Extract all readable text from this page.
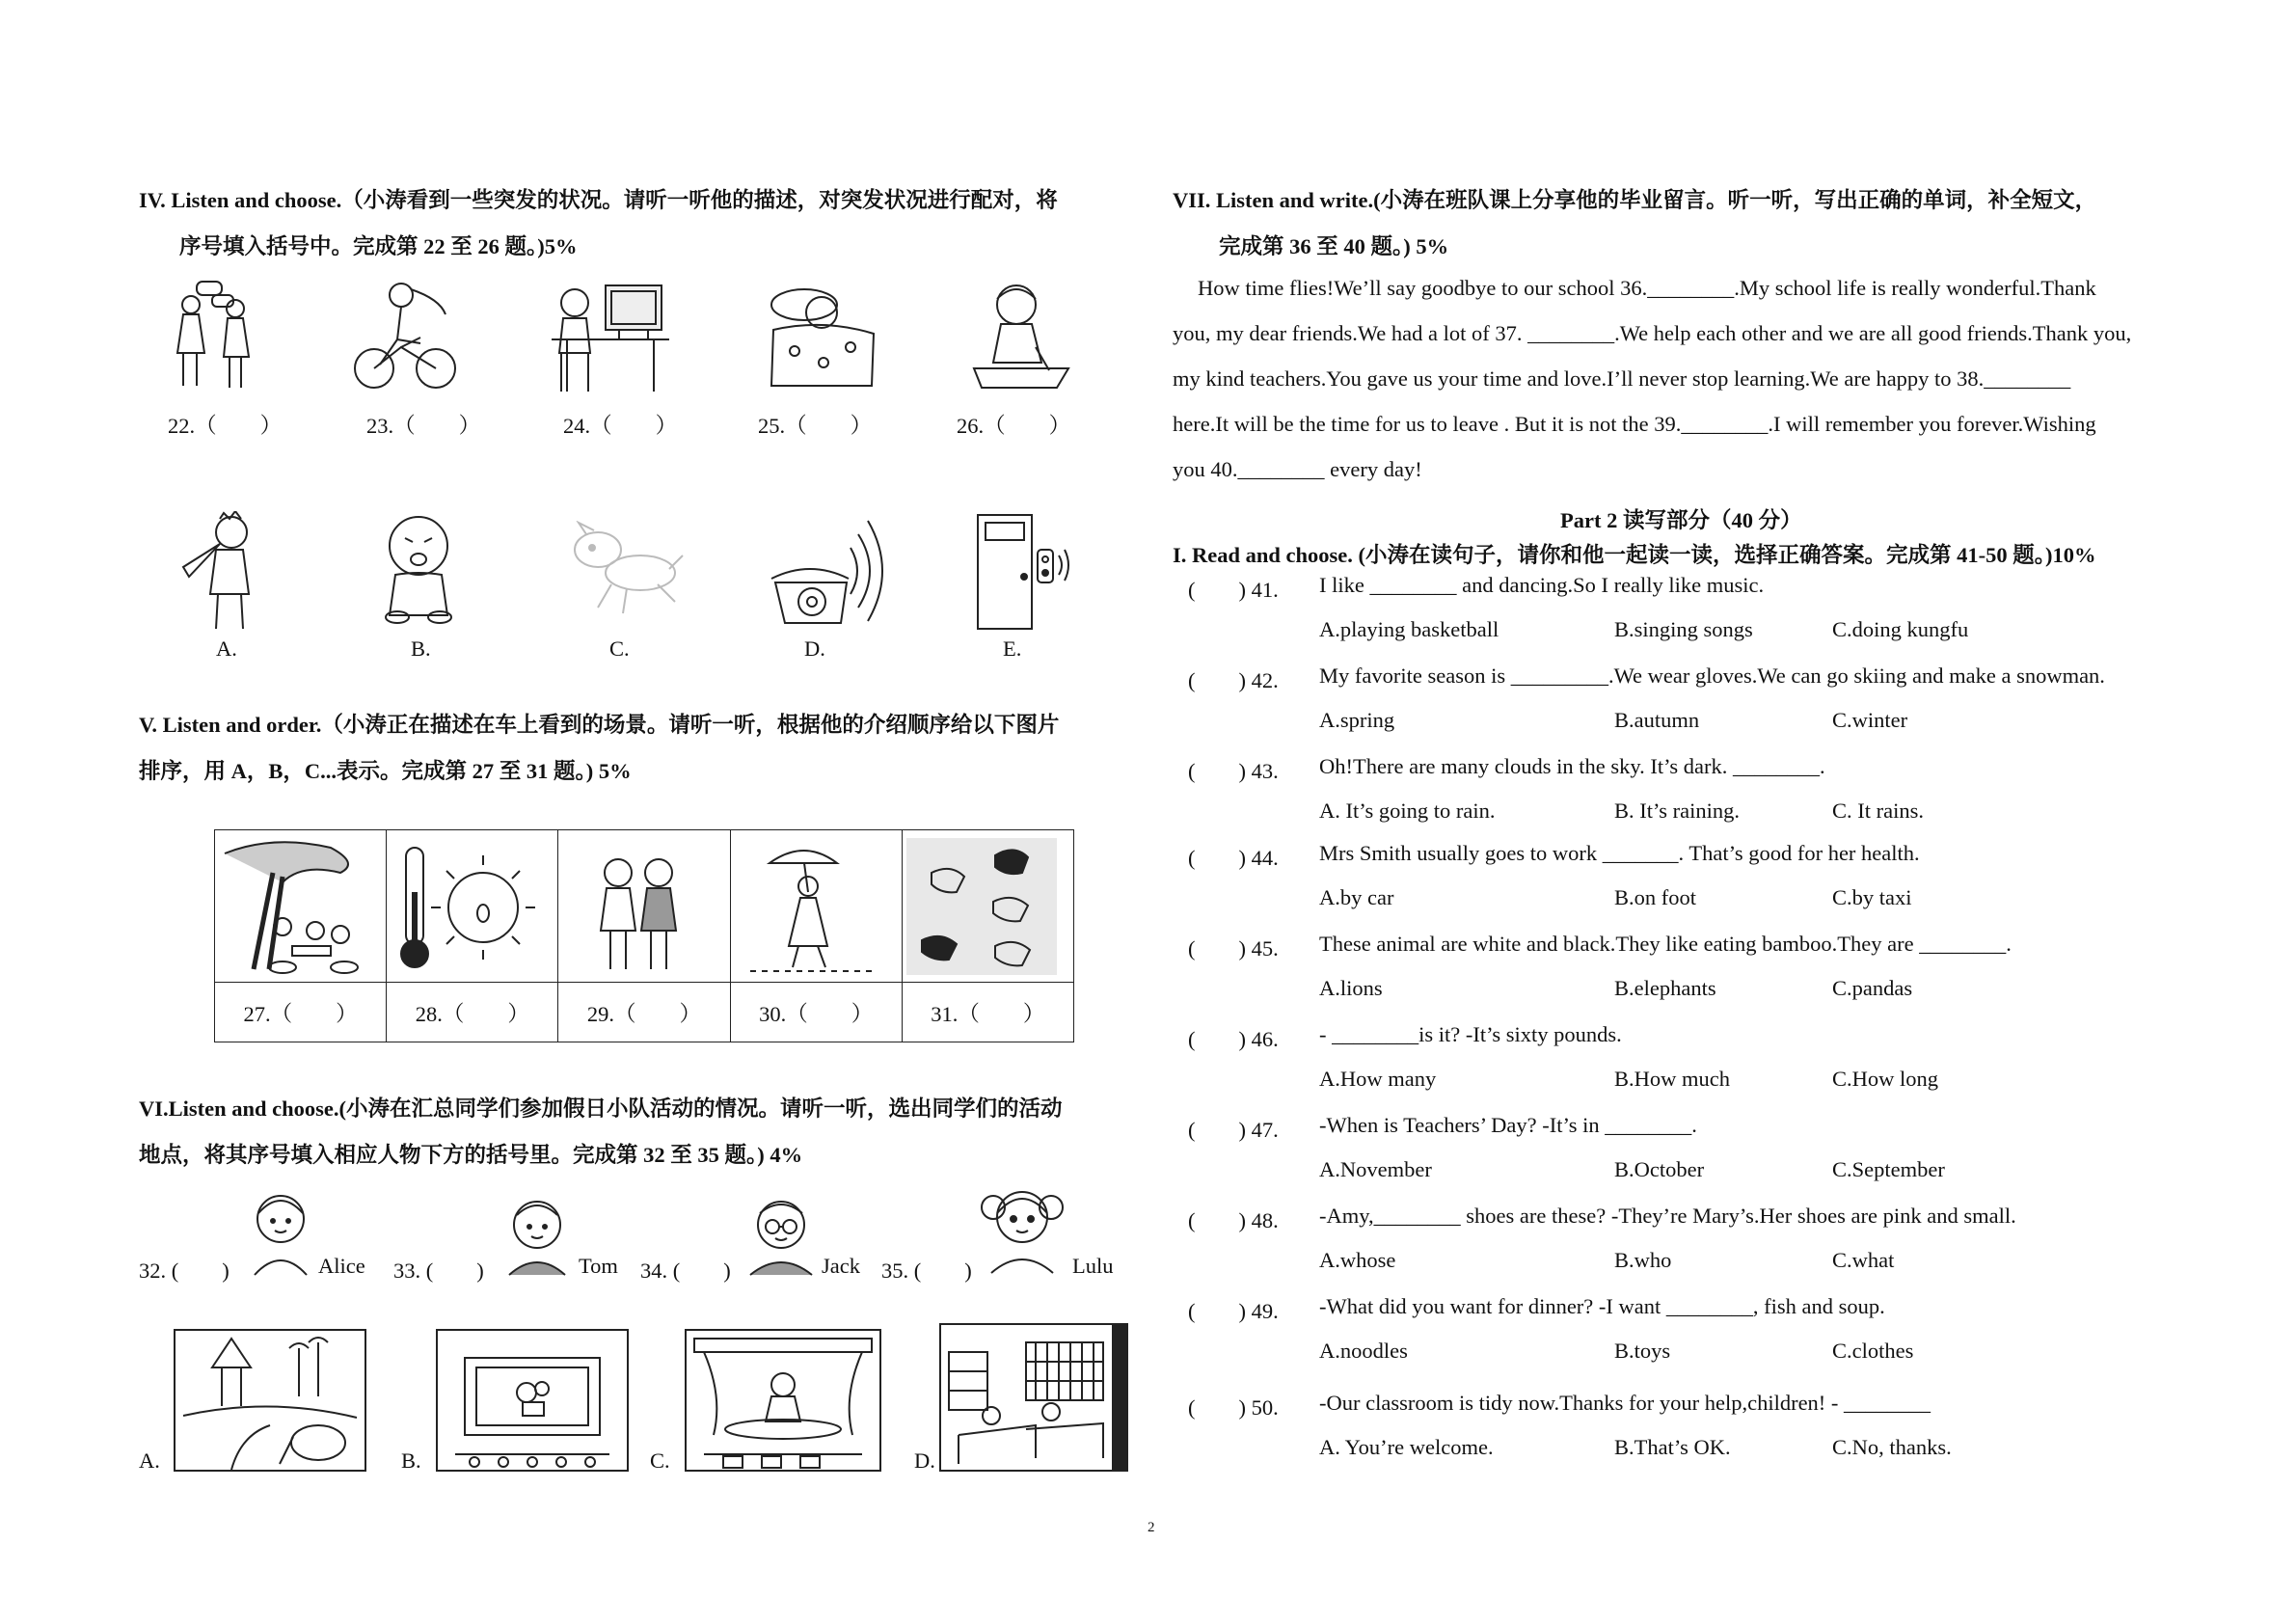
IV. Listen and choose.（小涛看到一些突发的状况。请听一听他的描述，对突发状况进行配对，将
序号填入括号中。完成第 22 至 26 题。)5%
22.（　　）	23.（　　）	24.（　　）	25.（　　）	26.（　　）
A.	B.	C.	D.	E.
V. Listen and order.（小涛正在描述在车上看到的场景。请听一听，根据他的介绍顺序给以下图片
排序，用 A，B，C...表示。完成第 27 至 31 题。) 5%

27.（　　）	28.（　　）	29.（　　）	30.（　　）	31.（　　）
VI.Listen and choose.(小涛在汇总同学们参加假日小队活动的情况。请听一听，选出同学们的活动
地点，将其序号填入相应人物下方的括号里。完成第 32 至 35 题。) 4%
32. (　　)	Alice 33. (　　)	Tom 34. (　　)	Jack 35. (　　)	Lulu
A.	B.	C.	D.
VII. Listen and write.(小涛在班队课上分享他的毕业留言。听一听，写出正确的单词，补全短文，
完成第 36 至 40 题。) 5%
How time flies!We’ll say goodbye to our school 36.________.My school life is really wonderful.Thank
you, my dear friends.We had a lot of 37. ________.We help each other and we are all good friends.Thank you,
my kind teachers.You gave us your time and love.I’ll never stop learning.We are happy to 38.________
here.It will be the time for us to leave . But it is not the 39.________.I will remember you forever.Wishing
you 40.________ every day!
Part 2 读写部分（40 分）
I. Read and choose. (小涛在读句子，请你和他一起读一读，选择正确答案。完成第 41-50 题。)10%
(　　) 41. I like ________ and dancing.So I really like music.
A.playing basketball	B.singing songs	C.doing kungfu
(　　) 42. My favorite season is _________.We wear gloves.We can go skiing and make a snowman.
A.spring	B.autumn	C.winter
(　　) 43. Oh!There are many clouds in the sky. It’s dark. ________.
A. It’s going to rain.	B. It’s raining.	C. It rains.
(　　) 44. Mrs Smith usually goes to work _______. That’s good for her health.
A.by car	B.on foot	C.by taxi
(　　) 45. These animal are white and black.They like eating bamboo.They are ________.
A.lions	B.elephants	C.pandas
(　　) 46. - ________is it? -It’s sixty pounds.
A.How many	B.How much	C.How long
(　　) 47. -When is Teachers’ Day? -It’s in ________.
A.November	B.October	C.September
(　　) 48. -Amy,________ shoes are these? -They’re Mary’s.Her shoes are pink and small.
A.whose	B.who	C.what
(　　) 49. -What did you want for dinner? -I want ________, fish and soup.
A.noodles	B.toys	C.clothes
(　　) 50. -Our classroom is tidy now.Thanks for your help,children! - ________
A. You’re welcome.	B.That’s OK.	C.No, thanks.
2
